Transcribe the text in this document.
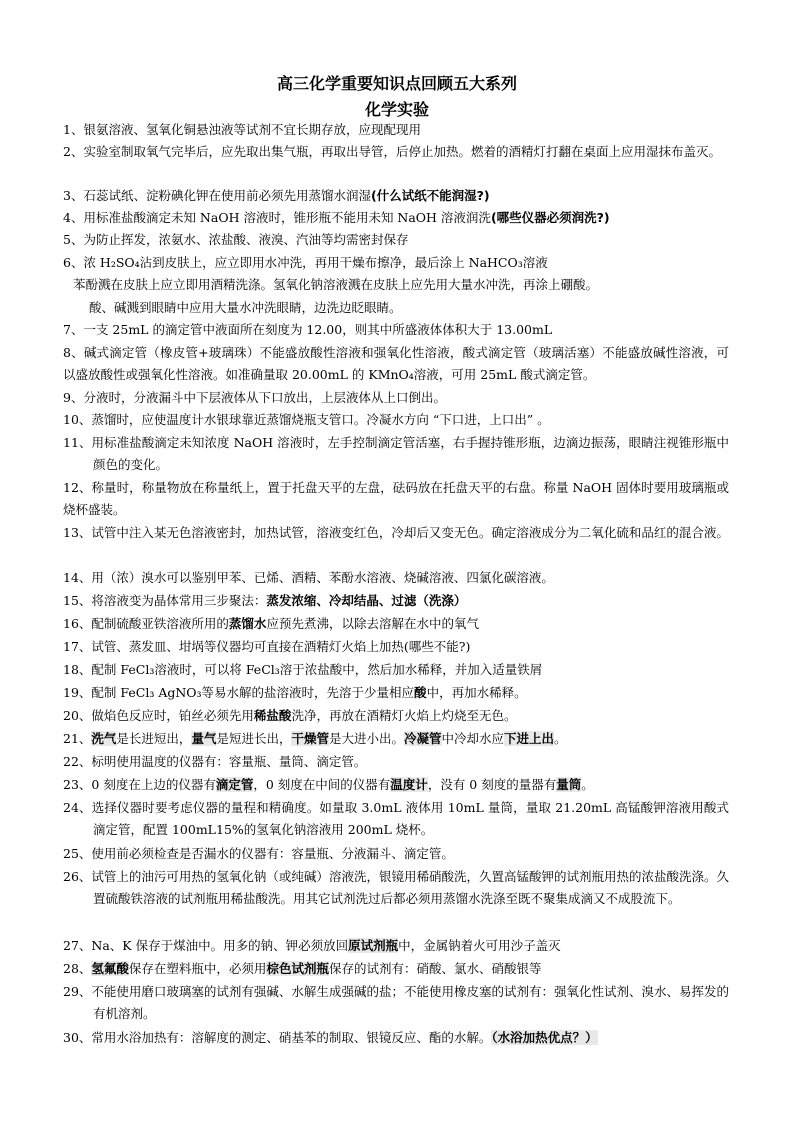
高三化学重要知识点回顾五大系列
化学实验
1、银氨溶液、氢氧化铜悬浊液等试剂不宜长期存放，应现配现用
2、实验室制取氧气完毕后，应先取出集气瓶，再取出导管，后停止加热。燃着的酒精灯打翻在桌面上应用湿抹布盖灭。
3、石蕊试纸、淀粉碘化钾在使用前必须先用蒸馏水润湿(什么试纸不能润湿?)
4、用标准盐酸滴定未知 NaOH 溶液时，锥形瓶不能用未知 NaOH 溶液润洗(哪些仪器必须润洗?)
5、为防止挥发，浓氨水、浓盐酸、液溴、汽油等均需密封保存
6、浓 H₂SO₄沾到皮肤上，应立即用水冲洗，再用干燥布擦净，最后涂上 NaHCO₃溶液
苯酚溅在皮肤上应立即用酒精洗涤。氢氧化钠溶液溅在皮肤上应先用大量水冲洗，再涂上硼酸。
酸、碱溅到眼睛中应用大量水冲洗眼睛，边洗边眨眼睛。
7、一支 25mL 的滴定管中液面所在刻度为 12.00，则其中所盛液体体积大于 13.00mL
8、碱式滴定管（橡皮管+玻璃珠）不能盛放酸性溶液和强氧化性溶液，酸式滴定管（玻璃活塞）不能盛放碱性溶液，可以盛放酸性或强氧化性溶液。如准确量取 20.00mL 的 KMnO₄溶液，可用 25mL 酸式滴定管。
9、分液时，分液漏斗中下层液体从下口放出，上层液体从上口倒出。
10、蒸馏时，应使温度计水银球靠近蒸馏烧瓶支管口。冷凝水方向 “下口进，上口出” 。
11、用标准盐酸滴定未知浓度 NaOH 溶液时，左手控制滴定管活塞，右手握持锥形瓶，边滴边振荡，眼睛注视锥形瓶中颜色的变化。
12、称量时，称量物放在称量纸上，置于托盘天平的左盘，砝码放在托盘天平的右盘。称量 NaOH 固体时要用玻璃瓶或烧杯盛装。
13、试管中注入某无色溶液密封，加热试管，溶液变红色，冷却后又变无色。确定溶液成分为二氧化硫和品红的混合液。
14、用（浓）溴水可以鉴别甲苯、已烯、酒精、苯酚水溶液、烧碱溶液、四氯化碳溶液。
15、将溶液变为晶体常用三步聚法：蒸发浓缩、冷却结晶、过滤（洗涤）
16、配制硫酸亚铁溶液所用的蒸馏水应预先煮沸，以除去溶解在水中的氧气
17、试管、蒸发皿、坩埚等仪器均可直接在酒精灯火焰上加热(哪些不能?)
18、配制 FeCl₃溶液时，可以将 FeCl₃溶于浓盐酸中，然后加水稀释，并加入适量铁屑
19、配制 FeCl₃ AgNO₃等易水解的盐溶液时，先溶于少量相应酸中，再加水稀释。
20、做焰色反应时，铂丝必须先用稀盐酸洗净，再放在酒精灯火焰上灼烧至无色。
21、洗气是长进短出，量气是短进长出，干燥管是大进小出。冷凝管中冷却水应下进上出。
22、标明使用温度的仪器有：容量瓶、量筒、滴定管。
23、0 刻度在上边的仪器有滴定管，0 刻度在中间的仪器有温度计，没有 0 刻度的量器有量筒。
24、选择仪器时要考虑仪器的量程和精确度。如量取 3.0mL 液体用 10mL 量筒，量取 21.20mL 高锰酸钾溶液用酸式滴定管，配置 100mL15%的氢氧化钠溶液用 200mL 烧杯。
25、使用前必须检查是否漏水的仪器有：容量瓶、分液漏斗、滴定管。
26、试管上的油污可用热的氢氧化钠（或纯碱）溶液洗，银镜用稀硝酸洗，久置高锰酸钾的试剂瓶用热的浓盐酸洗涤。久置硫酸铁溶液的试剂瓶用稀盐酸洗。用其它试剂洗过后都必须用蒸馏水洗涤至既不聚集成滴又不成股流下。
27、Na、K 保存于煤油中。用多的钠、钾必须放回原试剂瓶中，金属钠着火可用沙子盖灭
28、氢氟酸保存在塑料瓶中，必须用棕色试剂瓶保存的试剂有：硝酸、氯水、硝酸银等
29、不能使用磨口玻璃塞的试剂有强碱、水解生成强碱的盐；不能使用橡皮塞的试剂有：强氧化性试剂、溴水、易挥发的有机溶剂。
30、常用水浴加热有：溶解度的测定、硝基苯的制取、银镜反应、酯的水解。（水浴加热优点？）
